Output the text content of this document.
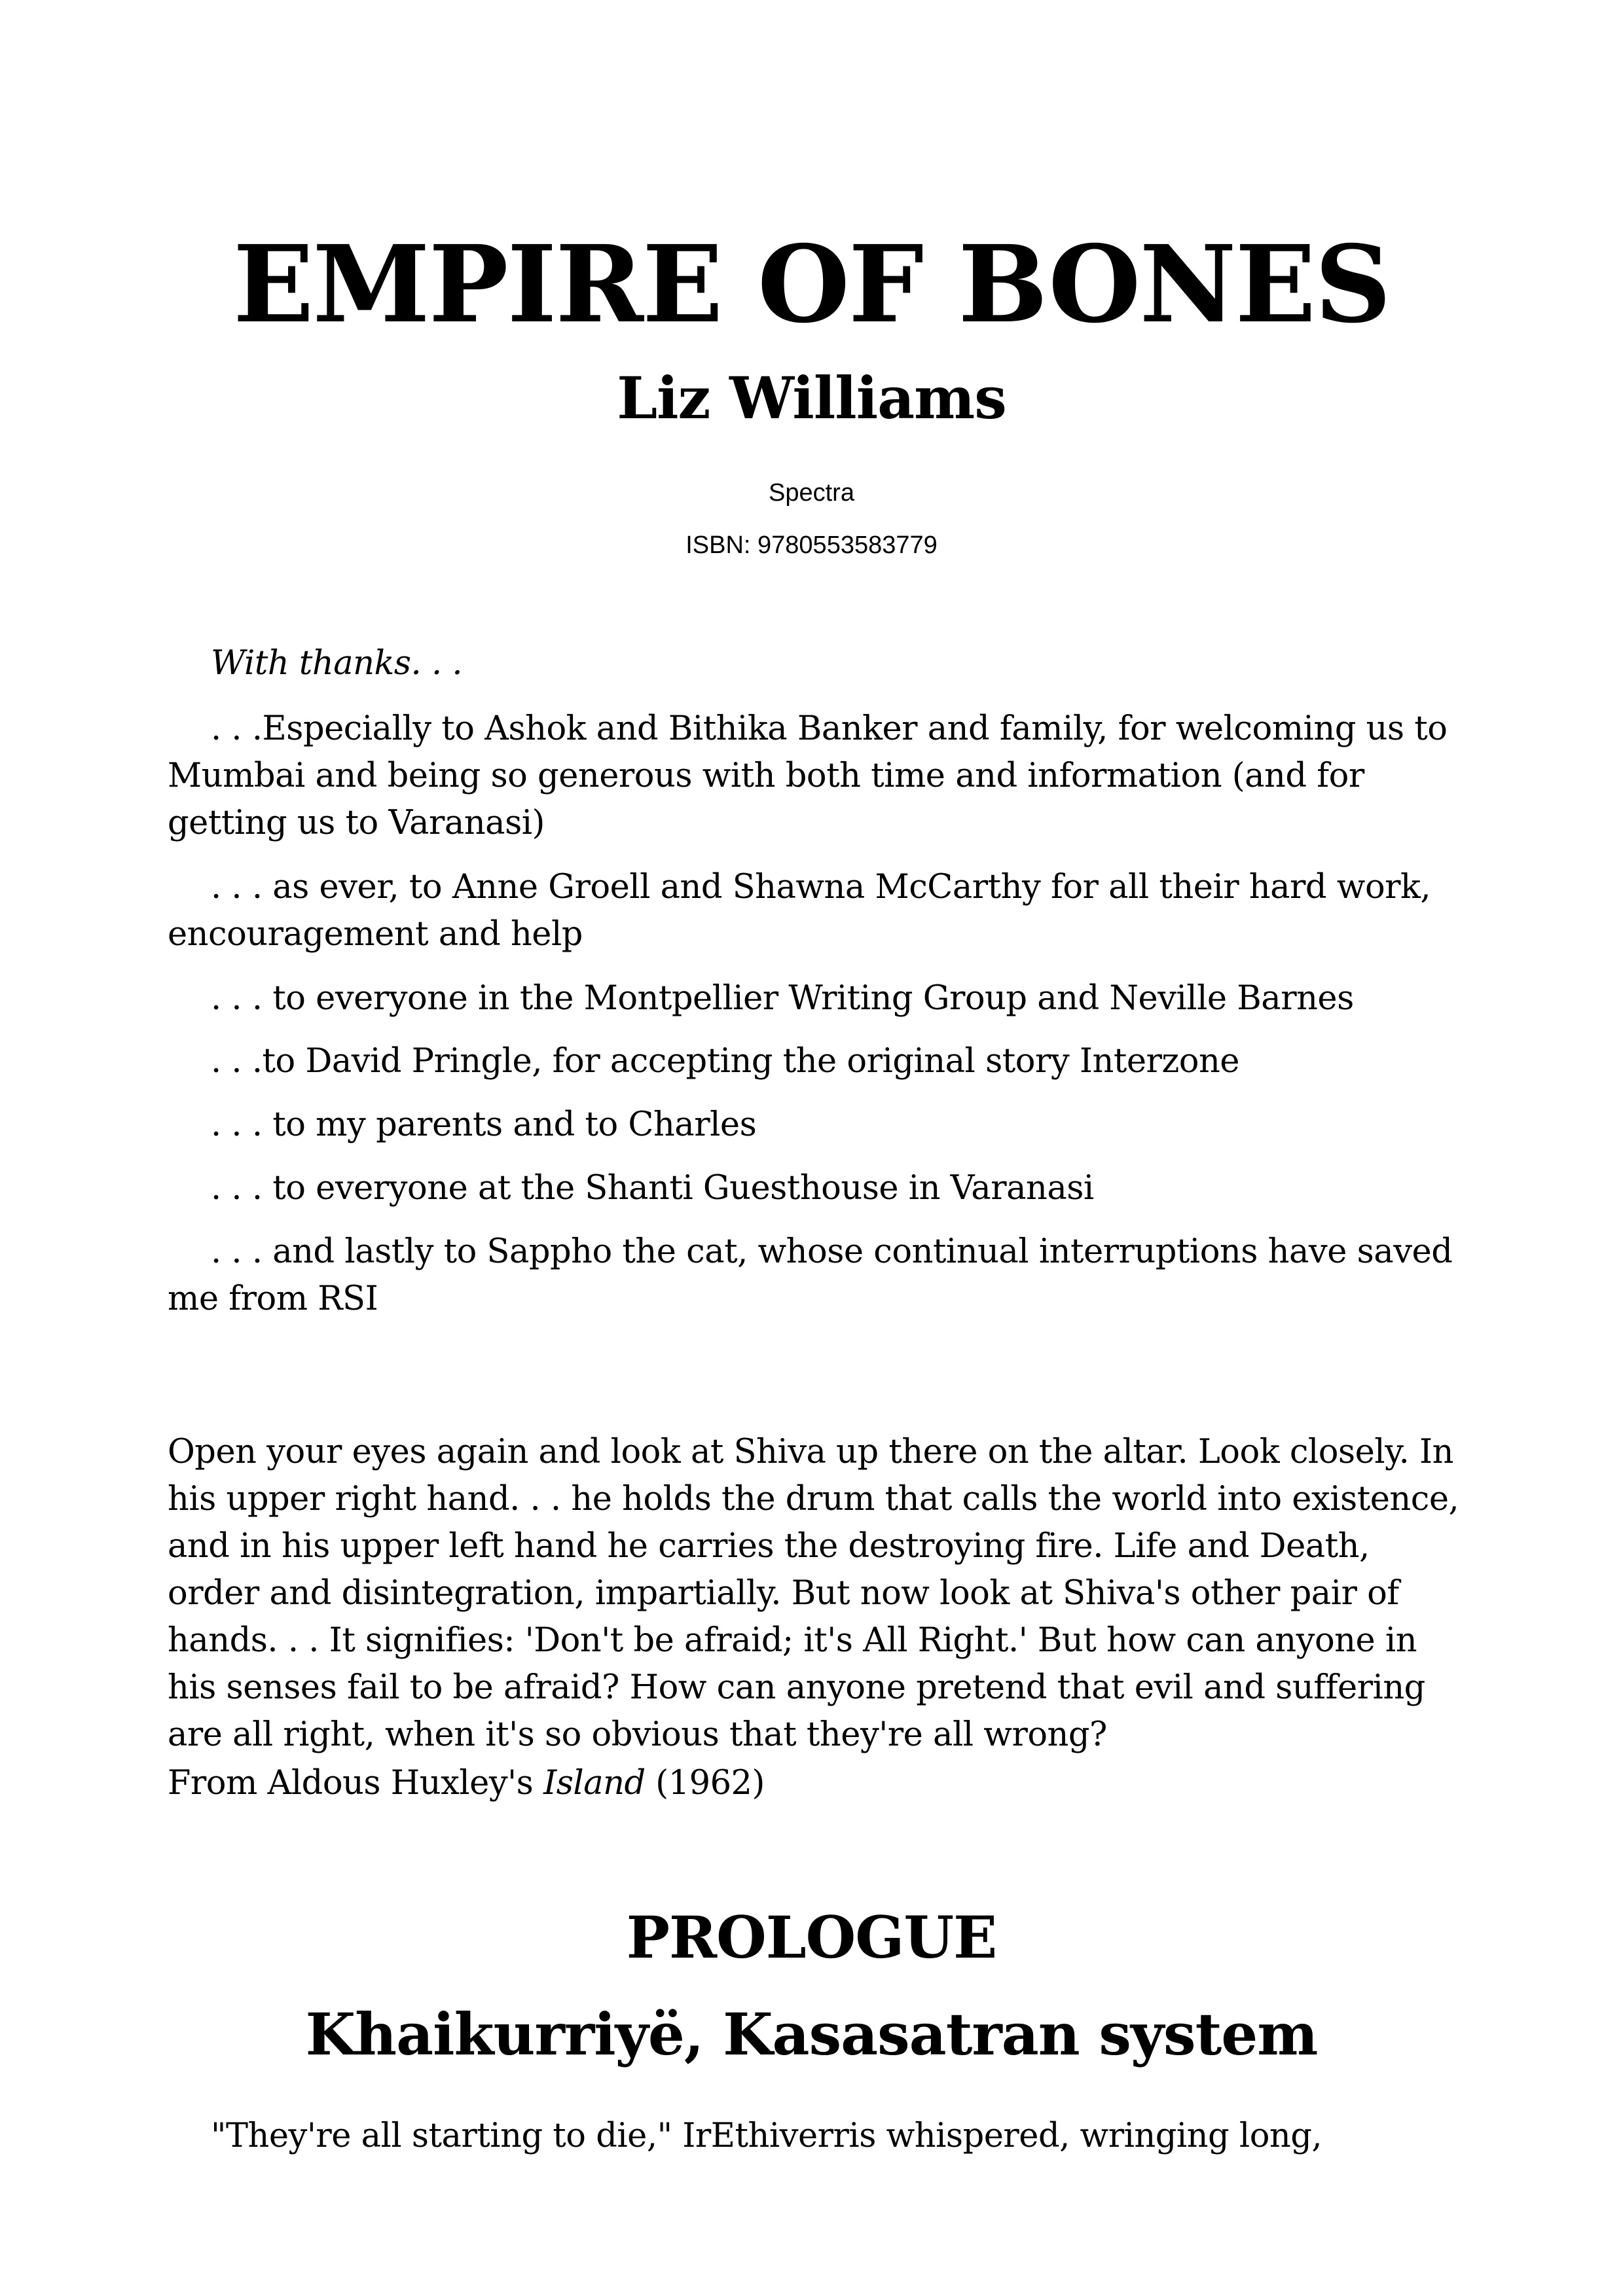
EMPIRE OF BONES
Liz Williams
Spectra
ISBN: 9780553583779

With thanks. . .

. . .Especially to Ashok and Bithika Banker and family, for welcoming us to Mumbai and being so generous with both time and information (and for getting us to Varanasi)

. . . as ever, to Anne Groell and Shawna McCarthy for all their hard work, encouragement and help

. . . to everyone in the Montpellier Writing Group and Neville Barnes

. . .to David Pringle, for accepting the original story Interzone

. . . to my parents and to Charles

. . . to everyone at the Shanti Guesthouse in Varanasi

. . . and lastly to Sappho the cat, whose continual interruptions have saved me from RSI

Open your eyes again and look at Shiva up there on the altar. Look closely. In his upper right hand. . . he holds the drum that calls the world into existence, and in his upper left hand he carries the destroying fire. Life and Death, order and disintegration, impartially. But now look at Shiva's other pair of hands. . . It signifies: 'Don't be afraid; it's All Right.' But how can anyone in his senses fail to be afraid? How can anyone pretend that evil and suffering are all right, when it's so obvious that they're all wrong?

From Aldous Huxley's Island (1962)

PROLOGUE
Khaikurriyë, Kasasatran system

"They're all starting to die," IrEthiverris whispered, wringing long,
